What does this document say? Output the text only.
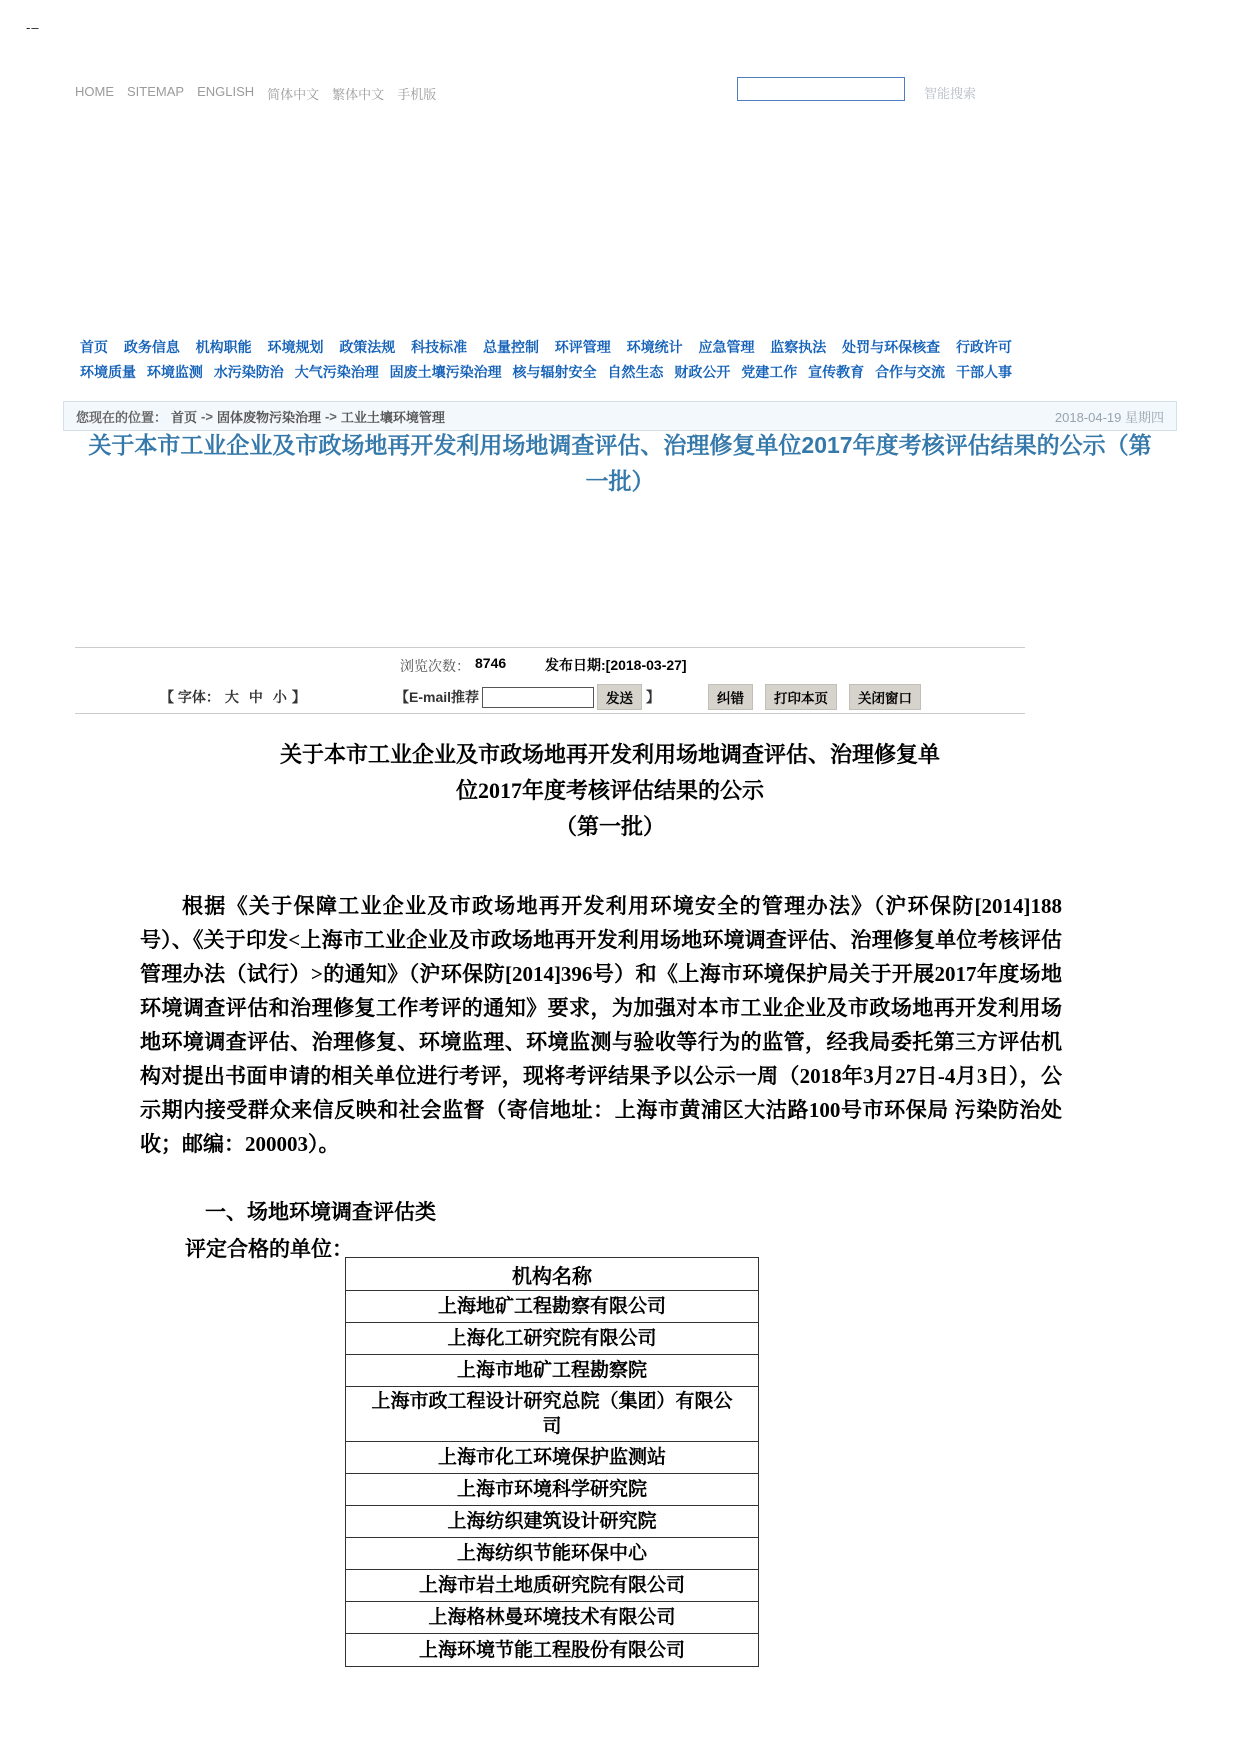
-–
HOME SITEMAP ENGLISH 简体中文 繁体中文 手机版	智能搜索
首页 政务信息 机构职能 环境规划 政策法规 科技标准 总量控制 环评管理 环境统计 应急管理 监察执法 处罚与环保核查 行政许可
环境质量 环境监测 水污染防治 大气污染治理 固废土壤污染治理 核与辐射安全 自然生态 财政公开 党建工作 宣传教育 合作与交流 干部人事
您现在的位置： 首页 -> 固体废物污染治理 -> 工业土壤环境管理	2018-04-19 星期四
关于本市工业企业及市政场地再开发利用场地调查评估、治理修复单位2017年度考核评估结果的公示（第一批）
浏览次数： 8746	发布日期:[2018-03-27]
【 字体： 大 中 小 】	【E-mail推荐	发送 】	纠错	打印本页	关闭窗口
关于本市工业企业及市政场地再开发利用场地调查评估、治理修复单
位2017年度考核评估结果的公示
（第一批）
根据《关于保障工业企业及市政场地再开发利用环境安全的管理办法》（沪环保防[2014]188号）、《关于印发<上海市工业企业及市政场地再开发利用场地环境调查评估、治理修复单位考核评估管理办法（试行）>的通知》（沪环保防[2014]396号）和《上海市环境保护局关于开展2017年度场地环境调查评估和治理修复工作考评的通知》要求，为加强对本市工业企业及市政场地再开发利用场地环境调查评估、治理修复、环境监理、环境监测与验收等行为的监管，经我局委托第三方评估机构对提出书面申请的相关单位进行考评，现将考评结果予以公示一周（2018年3月27日-4月3日），公示期内接受群众来信反映和社会监督（寄信地址：上海市黄浦区大沽路100号市环保局 污染防治处收；邮编：200003）。
一、场地环境调查评估类
评定合格的单位：
机构名称
上海地矿工程勘察有限公司
上海化工研究院有限公司
上海市地矿工程勘察院
上海市政工程设计研究总院（集团）有限公司
上海市化工环境保护监测站
上海市环境科学研究院
上海纺织建筑设计研究院
上海纺织节能环保中心
上海市岩土地质研究院有限公司
上海格林曼环境技术有限公司
上海环境节能工程股份有限公司
